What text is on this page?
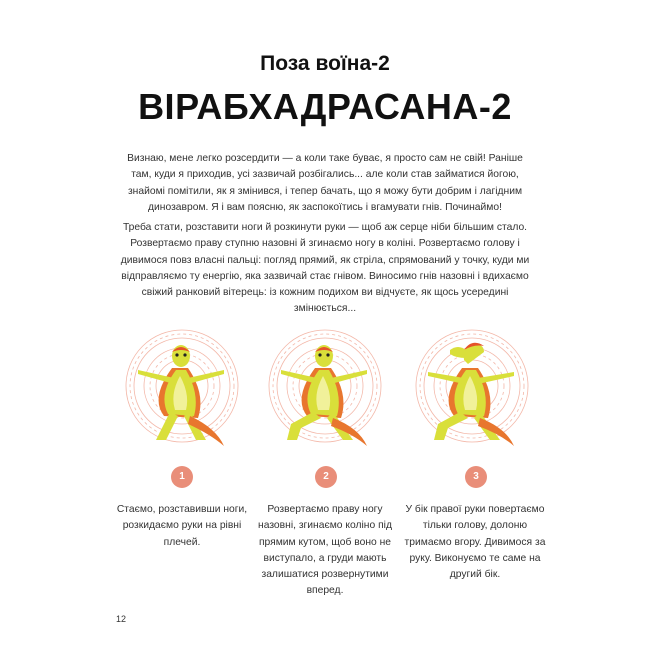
Поза воїна-2
ВІРАБХАДРАСАНА-2

Визнаю, мене легко розсердити — а коли таке буває, я просто сам не свій! Раніше там, куди я приходив, усі зазвичай розбігались... але коли став займатися йогою, знайомі помітили, як я змінився, і тепер бачать, що я можу бути добрим і лагідним динозавром. Я і вам поясню, як заспокоїтись і вгамувати гнів. Починаймо!

Треба стати, розставити ноги й розкинути руки — щоб аж серце ніби більшим стало. Розвертаємо праву ступню назовні й згинаємо ногу в коліні. Розвертаємо голову і дивимося повз власні пальці: погляд прямий, як стріла, спрямований у точку, куди ми відправляємо ту енергію, яка зазвичай стає гнівом. Виносимо гнів назовні і вдихаємо свіжий ранковий вітерець: із кожним подихом ви відчуєте, як щось усередині змінюється...

1	2	3
Стаємо, розставивши ноги, розкидаємо руки на рівні плечей.
Розвертаємо праву ногу назовні, згинаємо коліно під прямим кутом, щоб воно не виступало, а груди мають залишатися розвернутими вперед.
У бік правої руки повертаємо тільки голову, долоню тримаємо вгору. Дивимося за руку. Виконуємо те саме на другий бік.
12
